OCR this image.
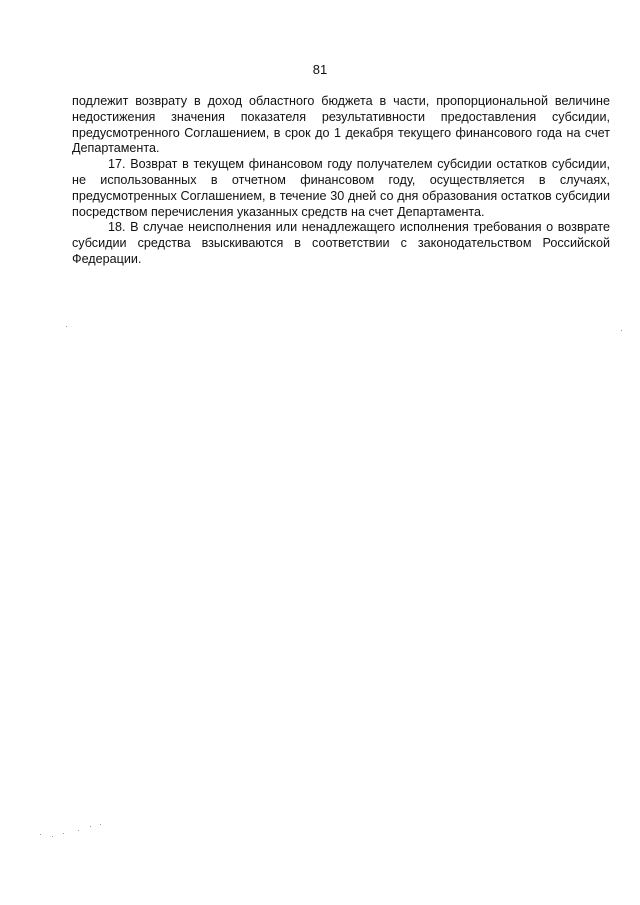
81

подлежит возврату в доход областного бюджета в части, пропорциональной величине недостижения значения показателя результативности предоставления субсидии, предусмотренного Соглашением, в срок до 1 декабря текущего финансового года на счет Департамента.

17. Возврат в текущем финансовом году получателем субсидии остатков субсидии, не использованных в отчетном финансовом году, осуществляется в случаях, предусмотренных Соглашением, в течение 30 дней со дня образования остатков субсидии посредством перечисления указанных средств на счет Департамента.

18. В случае неисполнения или ненадлежащего исполнения требования о возврате субсидии средства взыскиваются в соответствии с законодательством Российской Федерации.
